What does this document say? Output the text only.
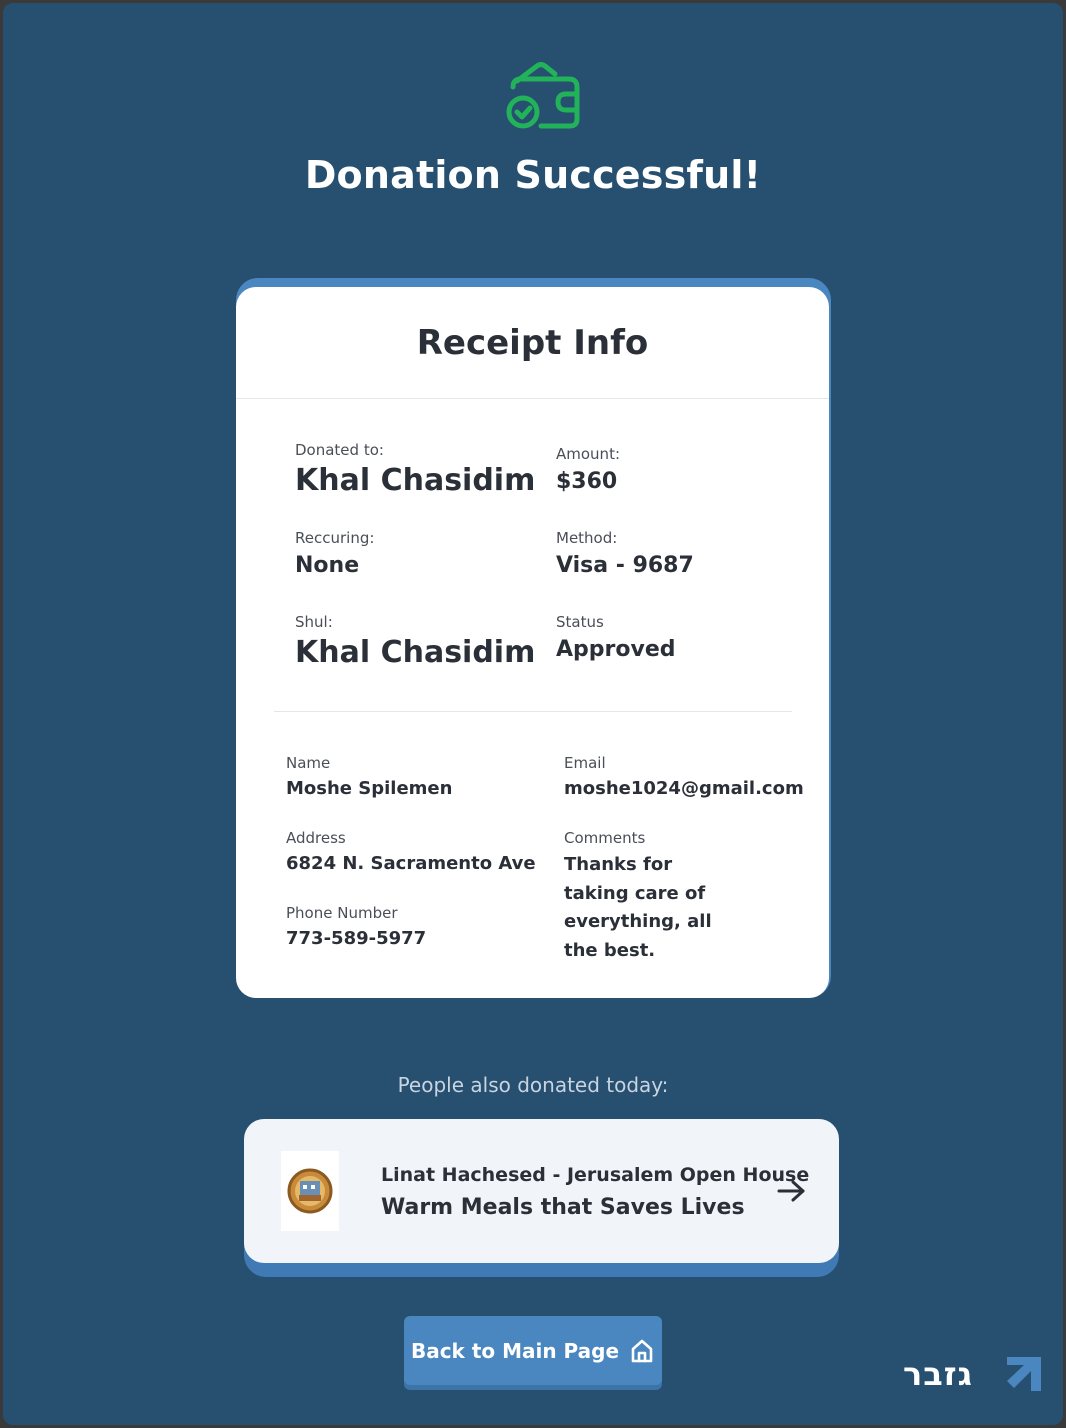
Donation Successful!
Receipt Info
Donated to:
Khal Chasidim
Amount:
$360
Reccuring:
None
Method:
Visa - 9687
Shul:
Khal Chasidim
Status
Approved
Name
Moshe Spilemen
Email
moshe1024@gmail.com
Address
6824 N. Sacramento Ave
Comments
Thanks for taking care of everything, all the best.
Phone Number
773-589-5977
People also donated today:
Linat Hachesed - Jerusalem Open House
Warm Meals that Saves Lives
Back to Main Page
גזבר
